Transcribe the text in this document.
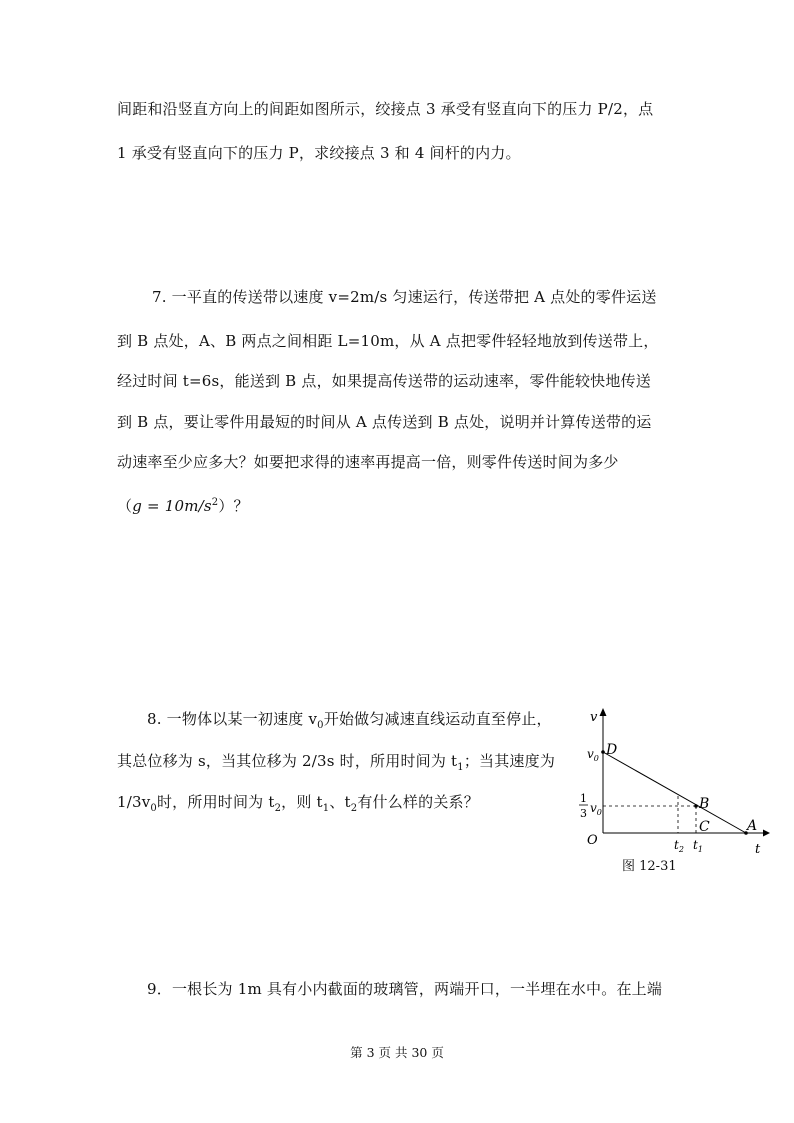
间距和沿竖直方向上的间距如图所示，绞接点 3 承受有竖直向下的压力 P/2，点
1 承受有竖直向下的压力 P，求绞接点 3 和 4 间杆的内力。
7. 一平直的传送带以速度 v=2m/s 匀速运行，传送带把 A 点处的零件运送
到 B 点处，A、B 两点之间相距 L=10m，从 A 点把零件轻轻地放到传送带上，
经过时间 t=6s，能送到 B 点，如果提高传送带的运动速率，零件能较快地传送
到 B 点，要让零件用最短的时间从 A 点传送到 B 点处，说明并计算传送带的运
动速率至少应多大？如要把求得的速率再提高一倍，则零件传送时间为多少
$(g = 10m/s^2)$？
8. 一物体以某一初速度 $v_0$开始做匀减速直线运动直至停止，
其总位移为 s，当其位移为 2/3s 时，所用时间为 $t_1$；当其速度为
$1/3v_0$时，所用时间为 $t_2$，则 $t_1$、$t_2$有什么样的关系？
v
t
O
$v_0$
D
1
3 $v_0$
B
C	A
$t_2$ $t_1$
图 12-31
9．一根长为 1m 具有小内截面的玻璃管，两端开口，一半埋在水中。在上端
第 3 页 共 30 页
